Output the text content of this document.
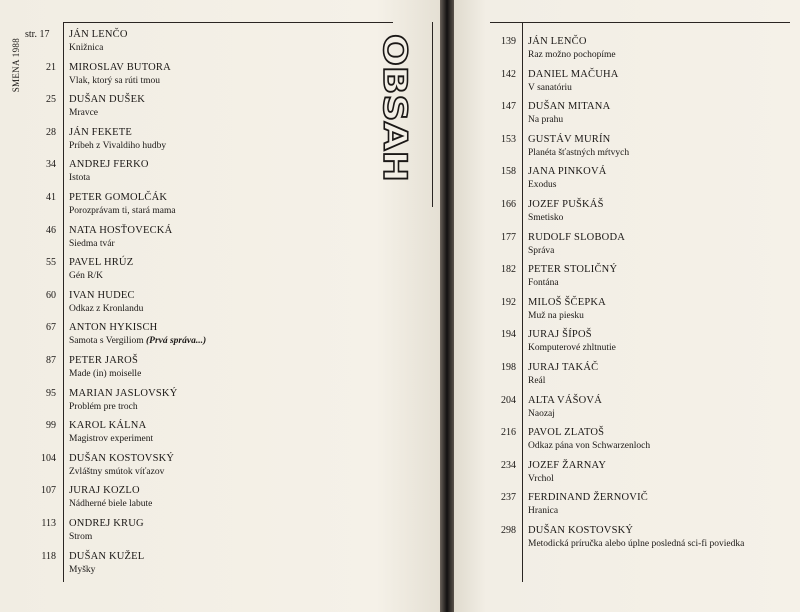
SMENA 1988	OBSAH
str. 17	JÁN LENČO
Knižnica
21 MIROSLAV BUTORA
Vlak, ktorý sa rúti tmou
25 DUŠAN DUŠEK
Mravce
28 JÁN FEKETE
Príbeh z Vivaldiho hudby
34 ANDREJ FERKO
Istota
41 PETER GOMOLČÁK
Porozprávam ti, stará mama
46 NATA HOSŤOVECKÁ
Siedma tvár
55 PAVEL HRÚZ
Gén R/K
60 IVAN HUDEC
Odkaz z Kronlandu
67 ANTON HYKISCH
Samota s Vergiliom (Prvá správa...)
87 PETER JAROŠ
Made (in) moiselle
95 MARIAN JASLOVSKÝ
Problém pre troch
99 KAROL KÁLNA
Magistrov experiment
104 DUŠAN KOSTOVSKÝ
Zvláštny smútok víťazov
107 JURAJ KOZLO
Nádherné biele labute
113 ONDREJ KRUG
Strom
118 DUŠAN KUŽEL
Myšky
139 JÁN LENČO
Raz možno pochopíme
142 DANIEL MAČUHA
V sanatóriu
147 DUŠAN MITANA
Na prahu
153 GUSTÁV MURÍN
Planéta šťastných mŕtvych
158 JANA PINKOVÁ
Exodus
166 JOZEF PUŠKÁŠ
Smetisko
177 RUDOLF SLOBODA
Správa
182 PETER STOLIČNÝ
Fontána
192 MILOŠ ŠČEPKA
Muž na piesku
194 JURAJ ŠÍPOŠ
Komputerové zhltnutie
198 JURAJ TAKÁČ
Reál
204 ALTA VÁŠOVÁ
Naozaj
216 PAVOL ZLATOŠ
Odkaz pána von Schwarzenloch
234 JOZEF ŽARNAY
Vrchol
237 FERDINAND ŽERNOVIČ
Hranica
298 DUŠAN KOSTOVSKÝ
Metodická príručka alebo úplne posledná sci-fi poviedka
